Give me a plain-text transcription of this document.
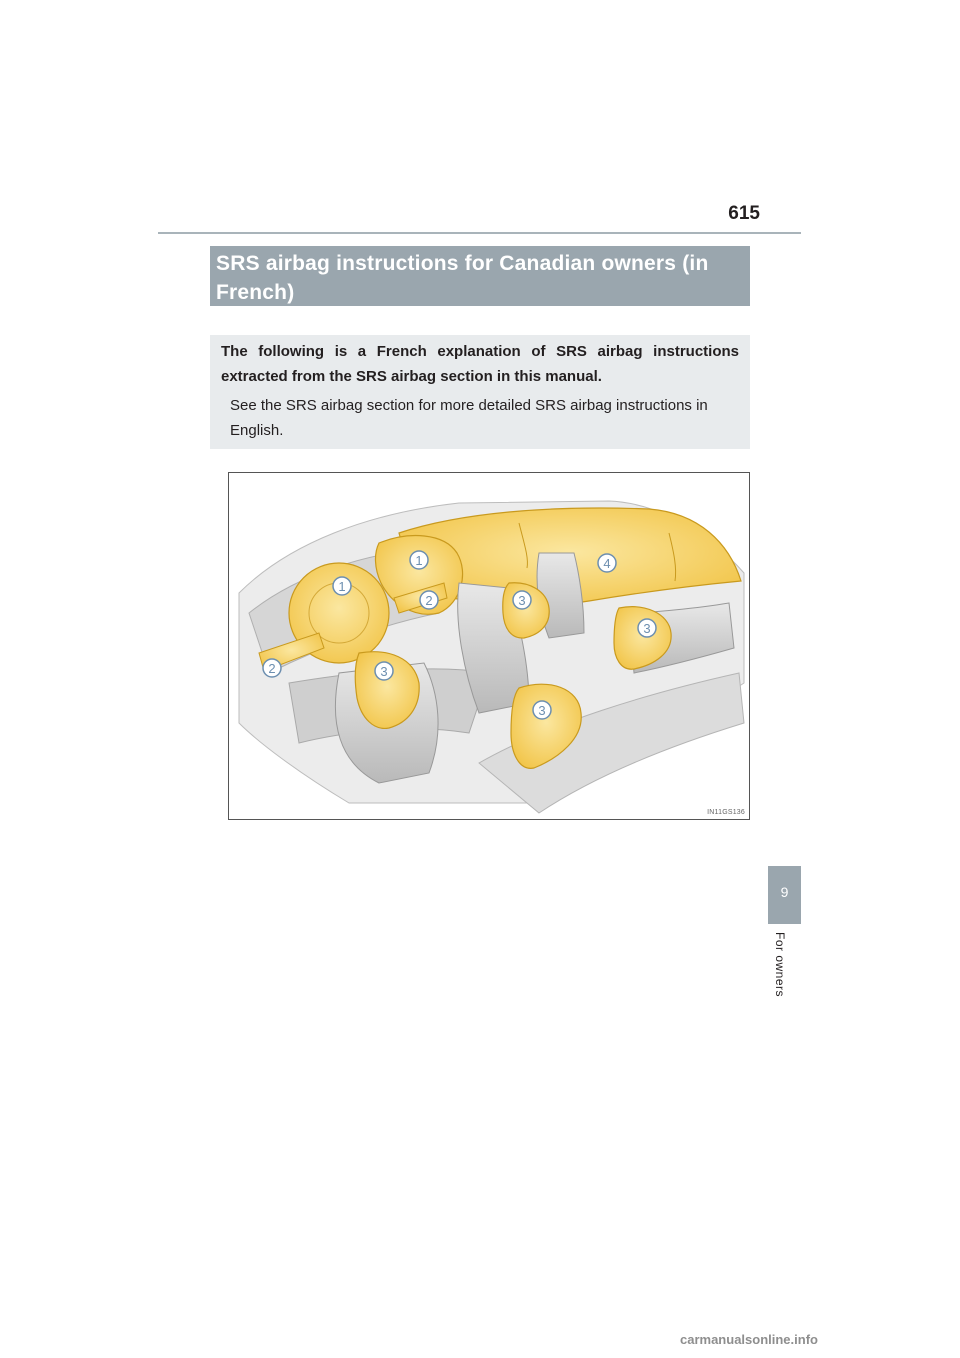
615
SRS airbag instructions for Canadian owners (in French)
The following is a French explanation of SRS airbag instructions extracted from the SRS airbag section in this manual.
See the SRS airbag section for more detailed SRS airbag instructions in English.
1
1
2
2	3
3
3
3
4
IN11GS136
9
For owners
carmanualsonline.info
